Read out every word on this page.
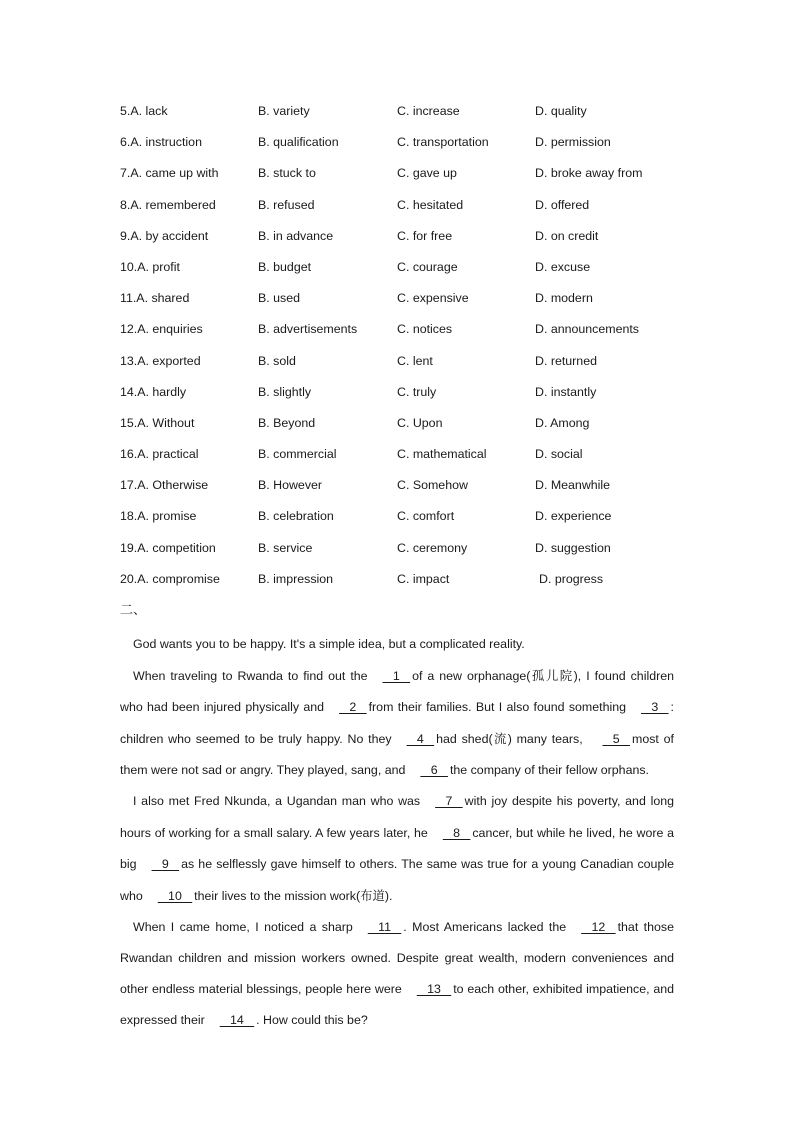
5.A. lack	B. variety	C. increase	D. quality
6.A. instruction	B. qualification	C. transportation	D. permission
7.A. came up with	B. stuck to	C. gave up	D. broke away from
8.A. remembered	B. refused	C. hesitated	D. offered
9.A. by accident	B. in advance	C. for free	D. on credit
10.A. profit	B. budget	C. courage	D. excuse
11.A. shared	B. used	C. expensive	D. modern
12.A. enquiries	B. advertisements	C. notices	D. announcements
13.A. exported	B. sold	C. lent	D. returned
14.A. hardly	B. slightly	C. truly	D. instantly
15.A. Without	B. Beyond	C. Upon	D. Among
16.A. practical	B. commercial	C. mathematical	D. social
17.A. Otherwise	B. However	C. Somehow	D. Meanwhile
18.A. promise	B. celebration	C. comfort	D. experience
19.A. competition	B. service	C. ceremony	D. suggestion
20.A. compromise	B. impression	C. impact	D. progress
二、

God wants you to be happy. It's a simple idea, but a complicated reality.

When traveling to Rwanda to find out the   1   of a new orphanage(孤儿院), I found children who had been injured physically and   2   from their families. But I also found something   3   : children who seemed to be truly happy. No they   4   had shed(流) many tears,    5   most of them were not sad or angry. They played, sang, and   6   the company of their fellow orphans.

I also met Fred Nkunda, a Ugandan man who was   7   with joy despite his poverty, and long hours of working for a small salary. A few years later, he   8   cancer, but while he lived, he wore a big   9   as he selflessly gave himself to others. The same was true for a young Canadian couple who   10   their lives to the mission work(布道).

When I came home, I noticed a sharp   11   . Most Americans lacked the   12   that those Rwandan children and mission workers owned. Despite great wealth, modern conveniences and other endless material blessings, people here were   13   to each other, exhibited impatience, and expressed their   14   . How could this be?
